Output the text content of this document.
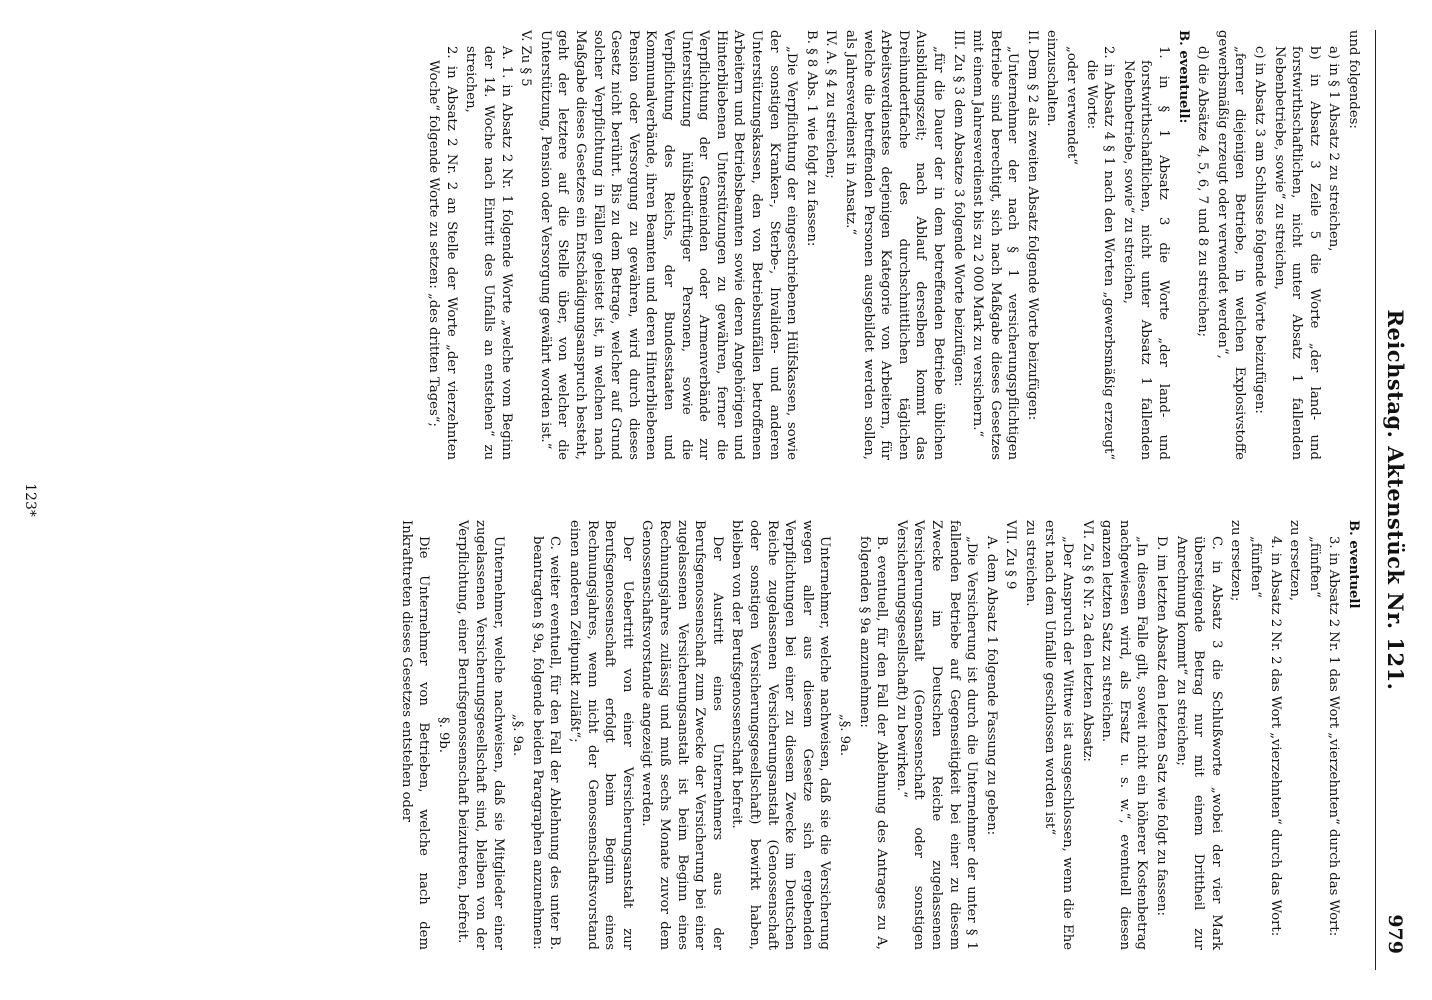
Reichstag. Aktenstück Nr. 121.
979

und folgendes:

a) in § 1 Absatz 2 zu streichen,

b) in Absatz 3 Zeile 5 die Worte „der land- und forstwirthschaftlichen, nicht unter Absatz 1 fallenden Nebenbetriebe, sowie“ zu streichen,

c) in Absatz 3 am Schlusse folgende Worte beizufügen:

„ferner diejenigen Betriebe, in welchen Explosivstoffe gewerbsmäßig erzeugt oder verwendet werden“,

d) die Absätze 4, 5, 6, 7 und 8 zu streichen;

B. eventuell:

1. in § 1 Absatz 3 die Worte „der land- und forstwirthschaftlichen, nicht unter Absatz 1 fallenden Nebenbetriebe, sowie“ zu streichen,

2. in Absatz 4 § 1 nach den Worten „gewerbsmäßig erzeugt“ die Worte:

„oder verwendet“

einzuschalten.

II. Dem § 2 als zweiten Absatz folgende Worte beizufügen:

„Unternehmer der nach § 1 versicherungspflichtigen Betriebe sind berechtigt, sich nach Maßgabe dieses Gesetzes mit einem Jahresverdienst bis zu 2 000 Mark zu versichern.“

III. Zu § 3 dem Absatze 3 folgende Worte beizufügen:

„für die Dauer der in dem betreffenden Betriebe üblichen Ausbildungszeit; nach Ablauf derselben kommt das Dreihundertfache des durchschnittlichen täglichen Arbeitsverdienstes derjenigen Kategorie von Arbeitern, für welche die betreffenden Personen ausgebildet werden sollen, als Jahresverdienst in Ansatz.“

IV. A. § 4 zu streichen;

B. § 8 Abs. 1 wie folgt zu fassen:

„Die Verpflichtung der eingeschriebenen Hülfskassen, sowie der sonstigen Kranken-, Sterbe-, Invaliden- und anderen Unterstützungskassen, den von Betriebsunfällen betroffenen Arbeitern und Betriebsbeamten sowie deren Angehörigen und Hinterbliebenen Unterstützungen zu gewähren, ferner die Verpflichtung der Gemeinden oder Armenverbände zur Unterstützung hülfsbedürftiger Personen, sowie die Verpflichtung des Reichs, der Bundesstaaten und Kommunalverbände, ihren Beamten und deren Hinterbliebenen Pension oder Versorgung zu gewähren, wird durch dieses Gesetz nicht berührt. Bis zu dem Betrage, welcher auf Grund solcher Verpflichtung in Fällen geleistet ist, in welchen nach Maßgabe dieses Gesetzes ein Entschädigungsanspruch besteht, geht der letztere auf die Stelle über, von welcher die Unterstützung, Pension oder Versorgung gewährt worden ist.“

V. Zu § 5

A. 1. in Absatz 2 Nr. 1 folgende Worte „welche vom Beginn der 14. Woche nach Eintritt des Unfalls an entstehen“ zu streichen,

2. in Absatz 2 Nr. 2 an Stelle der Worte „der vierzehnten Woche“ folgende Worte zu setzen: „des dritten Tages“;

B. eventuell

3. in Absatz 2 Nr. 1 das Wort „vierzehnten“ durch das Wort:

„fünften“

zu ersetzen,

4. in Absatz 2 Nr. 2 das Wort „vierzehnten“ durch das Wort:

„fünften“

zu ersetzen;

C. in Absatz 3 die Schlußworte „wobei der vier Mark übersteigende Betrag nur mit einem Drittheil zur Anrechnung kommt“ zu streichen;

D. im letzten Absatz den letzten Satz wie folgt zu fassen:

„In diesem Falle gilt, soweit nicht ein höherer Kostenbetrag nachgewiesen wird, als Ersatz u. s. w.“, eventuell diesen ganzen letzten Satz zu streichen.

VI. Zu § 6 Nr. 2a den letzten Absatz:

„Der Anspruch der Wittwe ist ausgeschlossen, wenn die Ehe erst nach dem Unfalle geschlossen worden ist“

zu streichen.

VII. Zu § 9

A. dem Absatz 1 folgende Fassung zu geben:

„Die Versicherung ist durch die Unternehmer der unter § 1 fallenden Betriebe auf Gegenseitigkeit bei einer zu diesem Zwecke im Deutschen Reiche zugelassenen Versicherungsanstalt (Genossenschaft oder sonstigen Versicherungsgesellschaft) zu bewirken.“

B. eventuell, für den Fall der Ablehnung des Antrages zu A, folgenden § 9a anzunehmen:

„§. 9a.

Unternehmer, welche nachweisen, daß sie die Versicherung wegen aller aus diesem Gesetze sich ergebenden Verpflichtungen bei einer zu diesem Zwecke im Deutschen Reiche zugelassenen Versicherungsanstalt (Genossenschaft oder sonstigen Versicherungsgesellschaft) bewirkt haben, bleiben von der Berufsgenossenschaft befreit.

Der Austritt eines Unternehmers aus der Berufsgenossenschaft zum Zwecke der Versicherung bei einer zugelassenen Versicherungsanstalt ist beim Beginn eines Rechnungsjahres zulässig und muß sechs Monate zuvor dem Genossenschaftsvorstande angezeigt werden.

Der Uebertritt von einer Versicherungsanstalt zur Berufsgenossenschaft erfolgt beim Beginn eines Rechnungsjahres, wenn nicht der Genossenschaftsvorstand einen anderen Zeitpunkt zuläßt“;

C. weiter eventuell, für den Fall der Ablehnung des unter B. beantragten § 9a, folgende beiden Paragraphen anzunehmen:

„§. 9a.

Unternehmer, welche nachweisen, daß sie Mitglieder einer zugelassenen Versicherungsgesellschaft sind, bleiben von der Verpflichtung, einer Berufsgenossenschaft beizutreten, befreit.

§. 9b.

Die Unternehmer von Betrieben, welche nach dem Inkrafttreten dieses Gesetzes entstehen oder

123*
